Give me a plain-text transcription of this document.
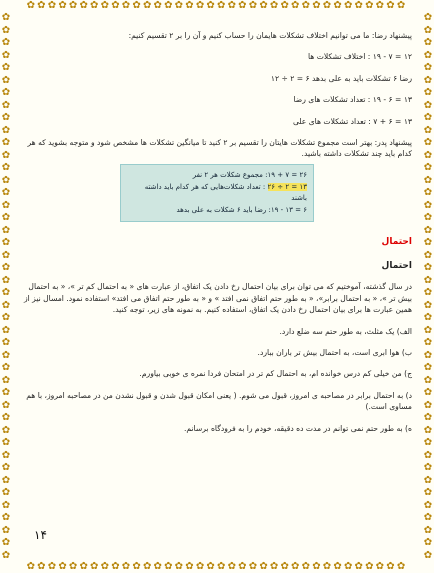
✿✿✿✿✿✿✿✿✿✿✿✿✿✿✿✿✿✿✿✿✿✿✿✿✿✿✿✿✿✿✿✿✿✿✿✿
✿✿✿✿✿✿✿✿✿✿✿✿✿✿✿✿✿✿✿✿✿✿✿✿✿✿✿✿✿✿✿✿✿✿✿✿
✿✿✿✿✿✿✿✿✿✿✿✿✿✿✿✿✿✿✿✿✿✿✿✿✿✿✿✿✿✿✿✿✿✿✿✿✿✿✿✿✿✿✿✿
✿✿✿✿✿✿✿✿✿✿✿✿✿✿✿✿✿✿✿✿✿✿✿✿✿✿✿✿✿✿✿✿✿✿✿✿✿✿✿✿✿✿✿✿

پیشنهاد رضا: ما می توانیم اختلاف تشکلات هایمان را حساب کنیم و آن را بر ۲ تقسیم کنیم:

۱۲ = ۷ - ۱۹ : اختلاف تشکلات ها

رضا ۶ تشکلات باید به علی بدهد ۶ = ۲ ÷ ۱۲

۱۳ = ۶ - ۱۹ : تعداد تشکلات های رضا

۱۳ = ۶ + ۷ : تعداد تشکلات های علی

پیشنهاد پدر: بهتر است مجموع تشکلات هایتان را تقسیم بر ۲ کنید تا میانگین تشکلات ها مشخص شود و متوجه بشوید که هر کدام باید چند تشکلات داشته باشید.

۲۶ = ۷ + ۱۹: مجموع شکلات هر ۲ نفر
۱۳ = ۲ ÷ ۲۶ : تعداد شکلات‌هایی که هر کدام باید داشته باشند
۶ = ۱۳ - ۱۹: رضا باید ۶ شکلات به علی بدهد
احتمال
احتمال

در سال گذشته، آموختیم که می توان برای بیان احتمال رخ دادن یک اتفاق، از عبارت های « به احتمال کم تر »، « به احتمال بیش تر »، « به احتمال برابر»، « به طور حتم اتفاق نمی افتد » و « به طور حتم اتفاق می افتد» استفاده نمود. امسال نیز از همین عبارت ها برای بیان احتمال رخ دادن یک اتفاق، استفاده کنیم. به نمونه های زیر، توجه کنید.

الف) یک مثلث، به طور حتم سه ضلع دارد.

ب) هوا ابری است، به احتمال بیش تر باران ببارد.

ج) من خیلی کم درس خوانده ام، به احتمال کم تر در امتحان فردا نمره ی خوبی بیاورم.

د) به احتمال برابر در مصاحبه ی امروز، قبول می شوم. ( یعنی امکان قبول شدن و قبول نشدن من در مصاحبه امروز، با هم مساوی است.)

ه) به طور حتم نمی توانم در مدت ده دقیقه، خودم را به فرودگاه برسانم.

۱۴
